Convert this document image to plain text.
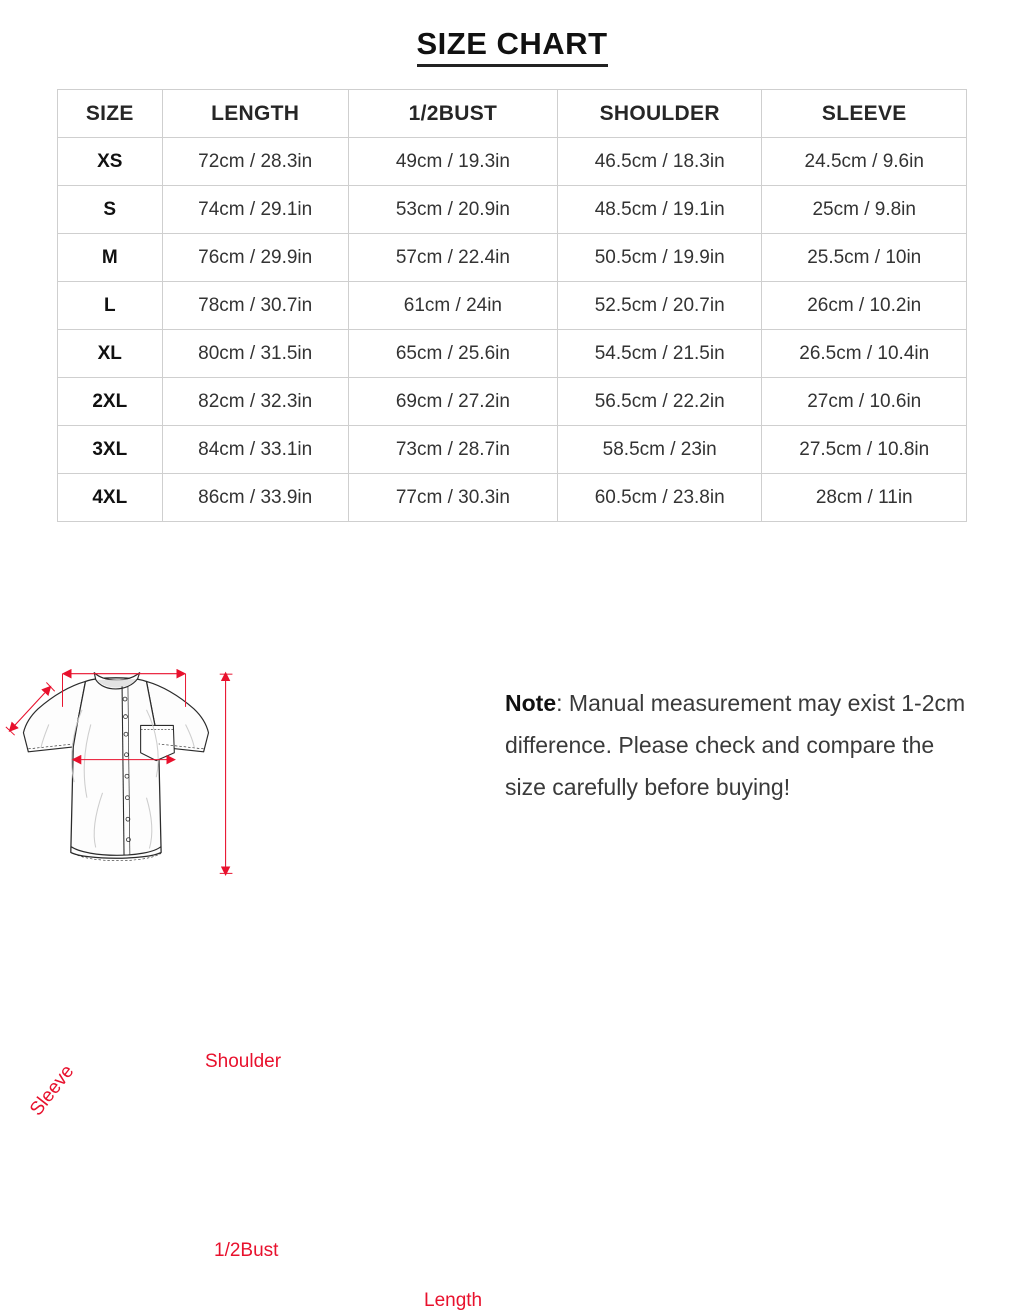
SIZE CHART
SIZE	LENGTH	1/2BUST	SHOULDER	SLEEVE
XS	72cm / 28.3in	49cm / 19.3in	46.5cm / 18.3in	24.5cm / 9.6in
S	74cm / 29.1in	53cm / 20.9in	48.5cm / 19.1in	25cm / 9.8in
M	76cm / 29.9in	57cm / 22.4in	50.5cm / 19.9in	25.5cm / 10in
L	78cm / 30.7in	61cm / 24in	52.5cm / 20.7in	26cm / 10.2in
XL	80cm / 31.5in	65cm / 25.6in	54.5cm / 21.5in	26.5cm / 10.4in
2XL	82cm / 32.3in	69cm / 27.2in	56.5cm / 22.2in	27cm / 10.6in
3XL	84cm / 33.1in	73cm / 28.7in	58.5cm / 23in	27.5cm / 10.8in
4XL	86cm / 33.9in	77cm / 30.3in	60.5cm / 23.8in	28cm / 11in
Shoulder
Sleeve
1/2Bust
Length
Note: Manual measurement may exist 1-2cm difference. Please check and compare the size carefully before buying!
